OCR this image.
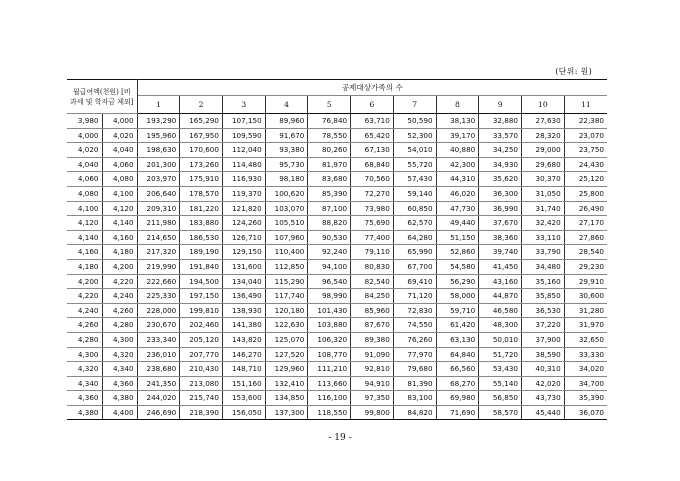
(단위: 원)
월급여액(천원) [비과세 및 학자금 제외]		공제대상가족의 수										
		1	2	3	4	5	6	7	8	9	10	11
3,980	4,000	193,290	165,290	107,150	89,960	76,840	63,710	50,590	38,130	32,880	27,630	22,380
4,000	4,020	195,960	167,950	109,590	91,670	78,550	65,420	52,300	39,170	33,570	28,320	23,070
4,020	4,040	198,630	170,600	112,040	93,380	80,260	67,130	54,010	40,880	34,250	29,000	23,750
4,040	4,060	201,300	173,260	114,480	95,730	81,970	68,840	55,720	42,300	34,930	29,680	24,430
4,060	4,080	203,970	175,910	116,930	98,180	83,680	70,560	57,430	44,310	35,620	30,370	25,120
4,080	4,100	206,640	178,570	119,370	100,620	85,390	72,270	59,140	46,020	36,300	31,050	25,800
4,100	4,120	209,310	181,220	121,820	103,070	87,100	73,980	60,850	47,730	36,990	31,740	26,490
4,120	4,140	211,980	183,880	124,260	105,510	88,820	75,690	62,570	49,440	37,670	32,420	27,170
4,140	4,160	214,650	186,530	126,710	107,960	90,530	77,400	64,280	51,150	38,360	33,110	27,860
4,160	4,180	217,320	189,190	129,150	110,400	92,240	79,110	65,990	52,860	39,740	33,790	28,540
4,180	4,200	219,990	191,840	131,600	112,850	94,100	80,830	67,700	54,580	41,450	34,480	29,230
4,200	4,220	222,660	194,500	134,040	115,290	96,540	82,540	69,410	56,290	43,160	35,160	29,910
4,220	4,240	225,330	197,150	136,490	117,740	98,990	84,250	71,120	58,000	44,870	35,850	30,600
4,240	4,260	228,000	199,810	138,930	120,180	101,430	85,960	72,830	59,710	46,580	36,530	31,280
4,260	4,280	230,670	202,460	141,380	122,630	103,880	87,670	74,550	61,420	48,300	37,220	31,970
4,280	4,300	233,340	205,120	143,820	125,070	106,320	89,380	76,260	63,130	50,010	37,900	32,650
4,300	4,320	236,010	207,770	146,270	127,520	108,770	91,090	77,970	64,840	51,720	38,590	33,330
4,320	4,340	238,680	210,430	148,710	129,960	111,210	92,810	79,680	66,560	53,430	40,310	34,020
4,340	4,360	241,350	213,080	151,160	132,410	113,660	94,910	81,390	68,270	55,140	42,020	34,700
4,360	4,380	244,020	215,740	153,600	134,850	116,100	97,350	83,100	69,980	56,850	43,730	35,390
4,380	4,400	246,690	218,390	156,050	137,300	118,550	99,800	84,820	71,690	58,570	45,440	36,070
- 19 -
